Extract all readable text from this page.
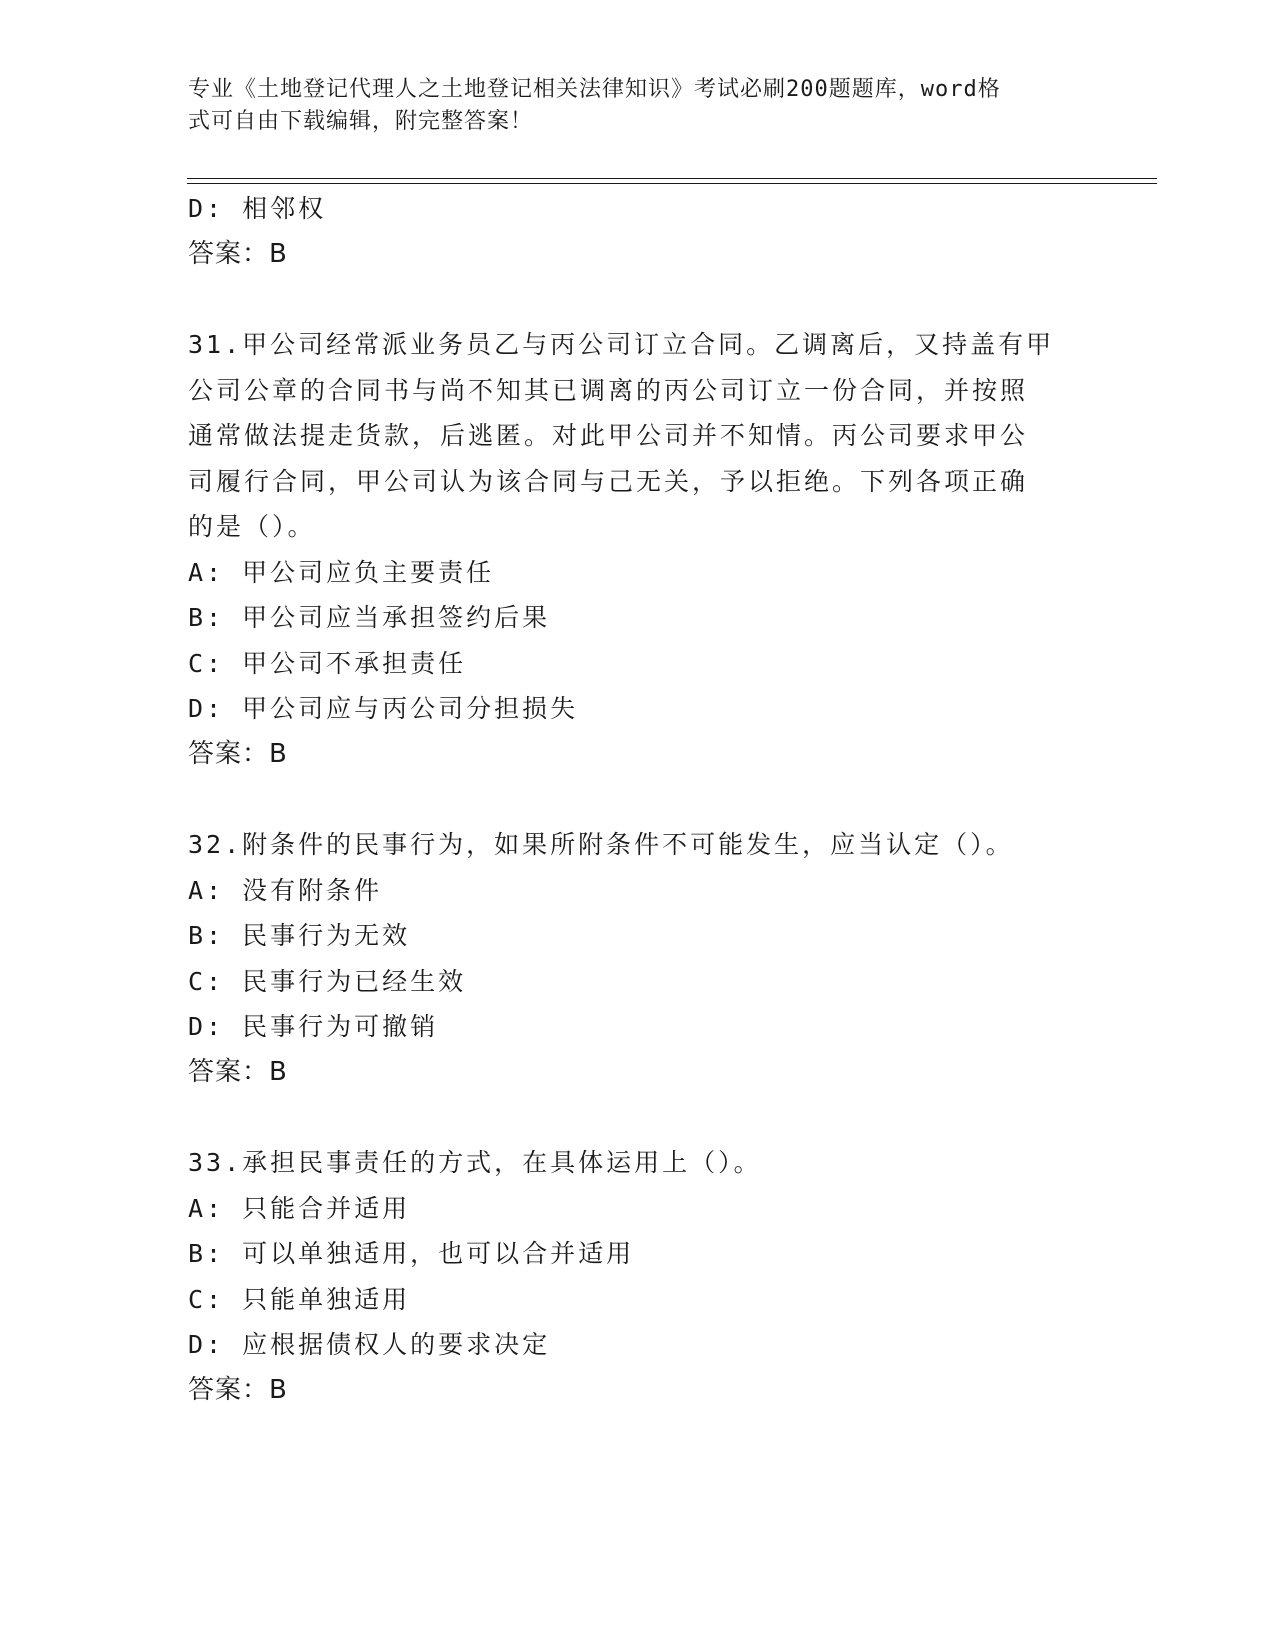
专业《土地登记代理人之土地登记相关法律知识》考试必刷200题题库，word格
式可自由下载编辑，附完整答案！
D: 相邻权
答案：B
31.甲公司经常派业务员乙与丙公司订立合同。乙调离后，又持盖有甲
公司公章的合同书与尚不知其已调离的丙公司订立一份合同，并按照
通常做法提走货款，后逃匿。对此甲公司并不知情。丙公司要求甲公
司履行合同，甲公司认为该合同与己无关，予以拒绝。下列各项正确
的是（）。
A: 甲公司应负主要责任
B: 甲公司应当承担签约后果
C: 甲公司不承担责任
D: 甲公司应与丙公司分担损失
答案：B
32.附条件的民事行为，如果所附条件不可能发生，应当认定（）。
A: 没有附条件
B: 民事行为无效
C: 民事行为已经生效
D: 民事行为可撤销
答案：B
33.承担民事责任的方式，在具体运用上（）。
A: 只能合并适用
B: 可以单独适用，也可以合并适用
C: 只能单独适用
D: 应根据债权人的要求决定
答案：B
